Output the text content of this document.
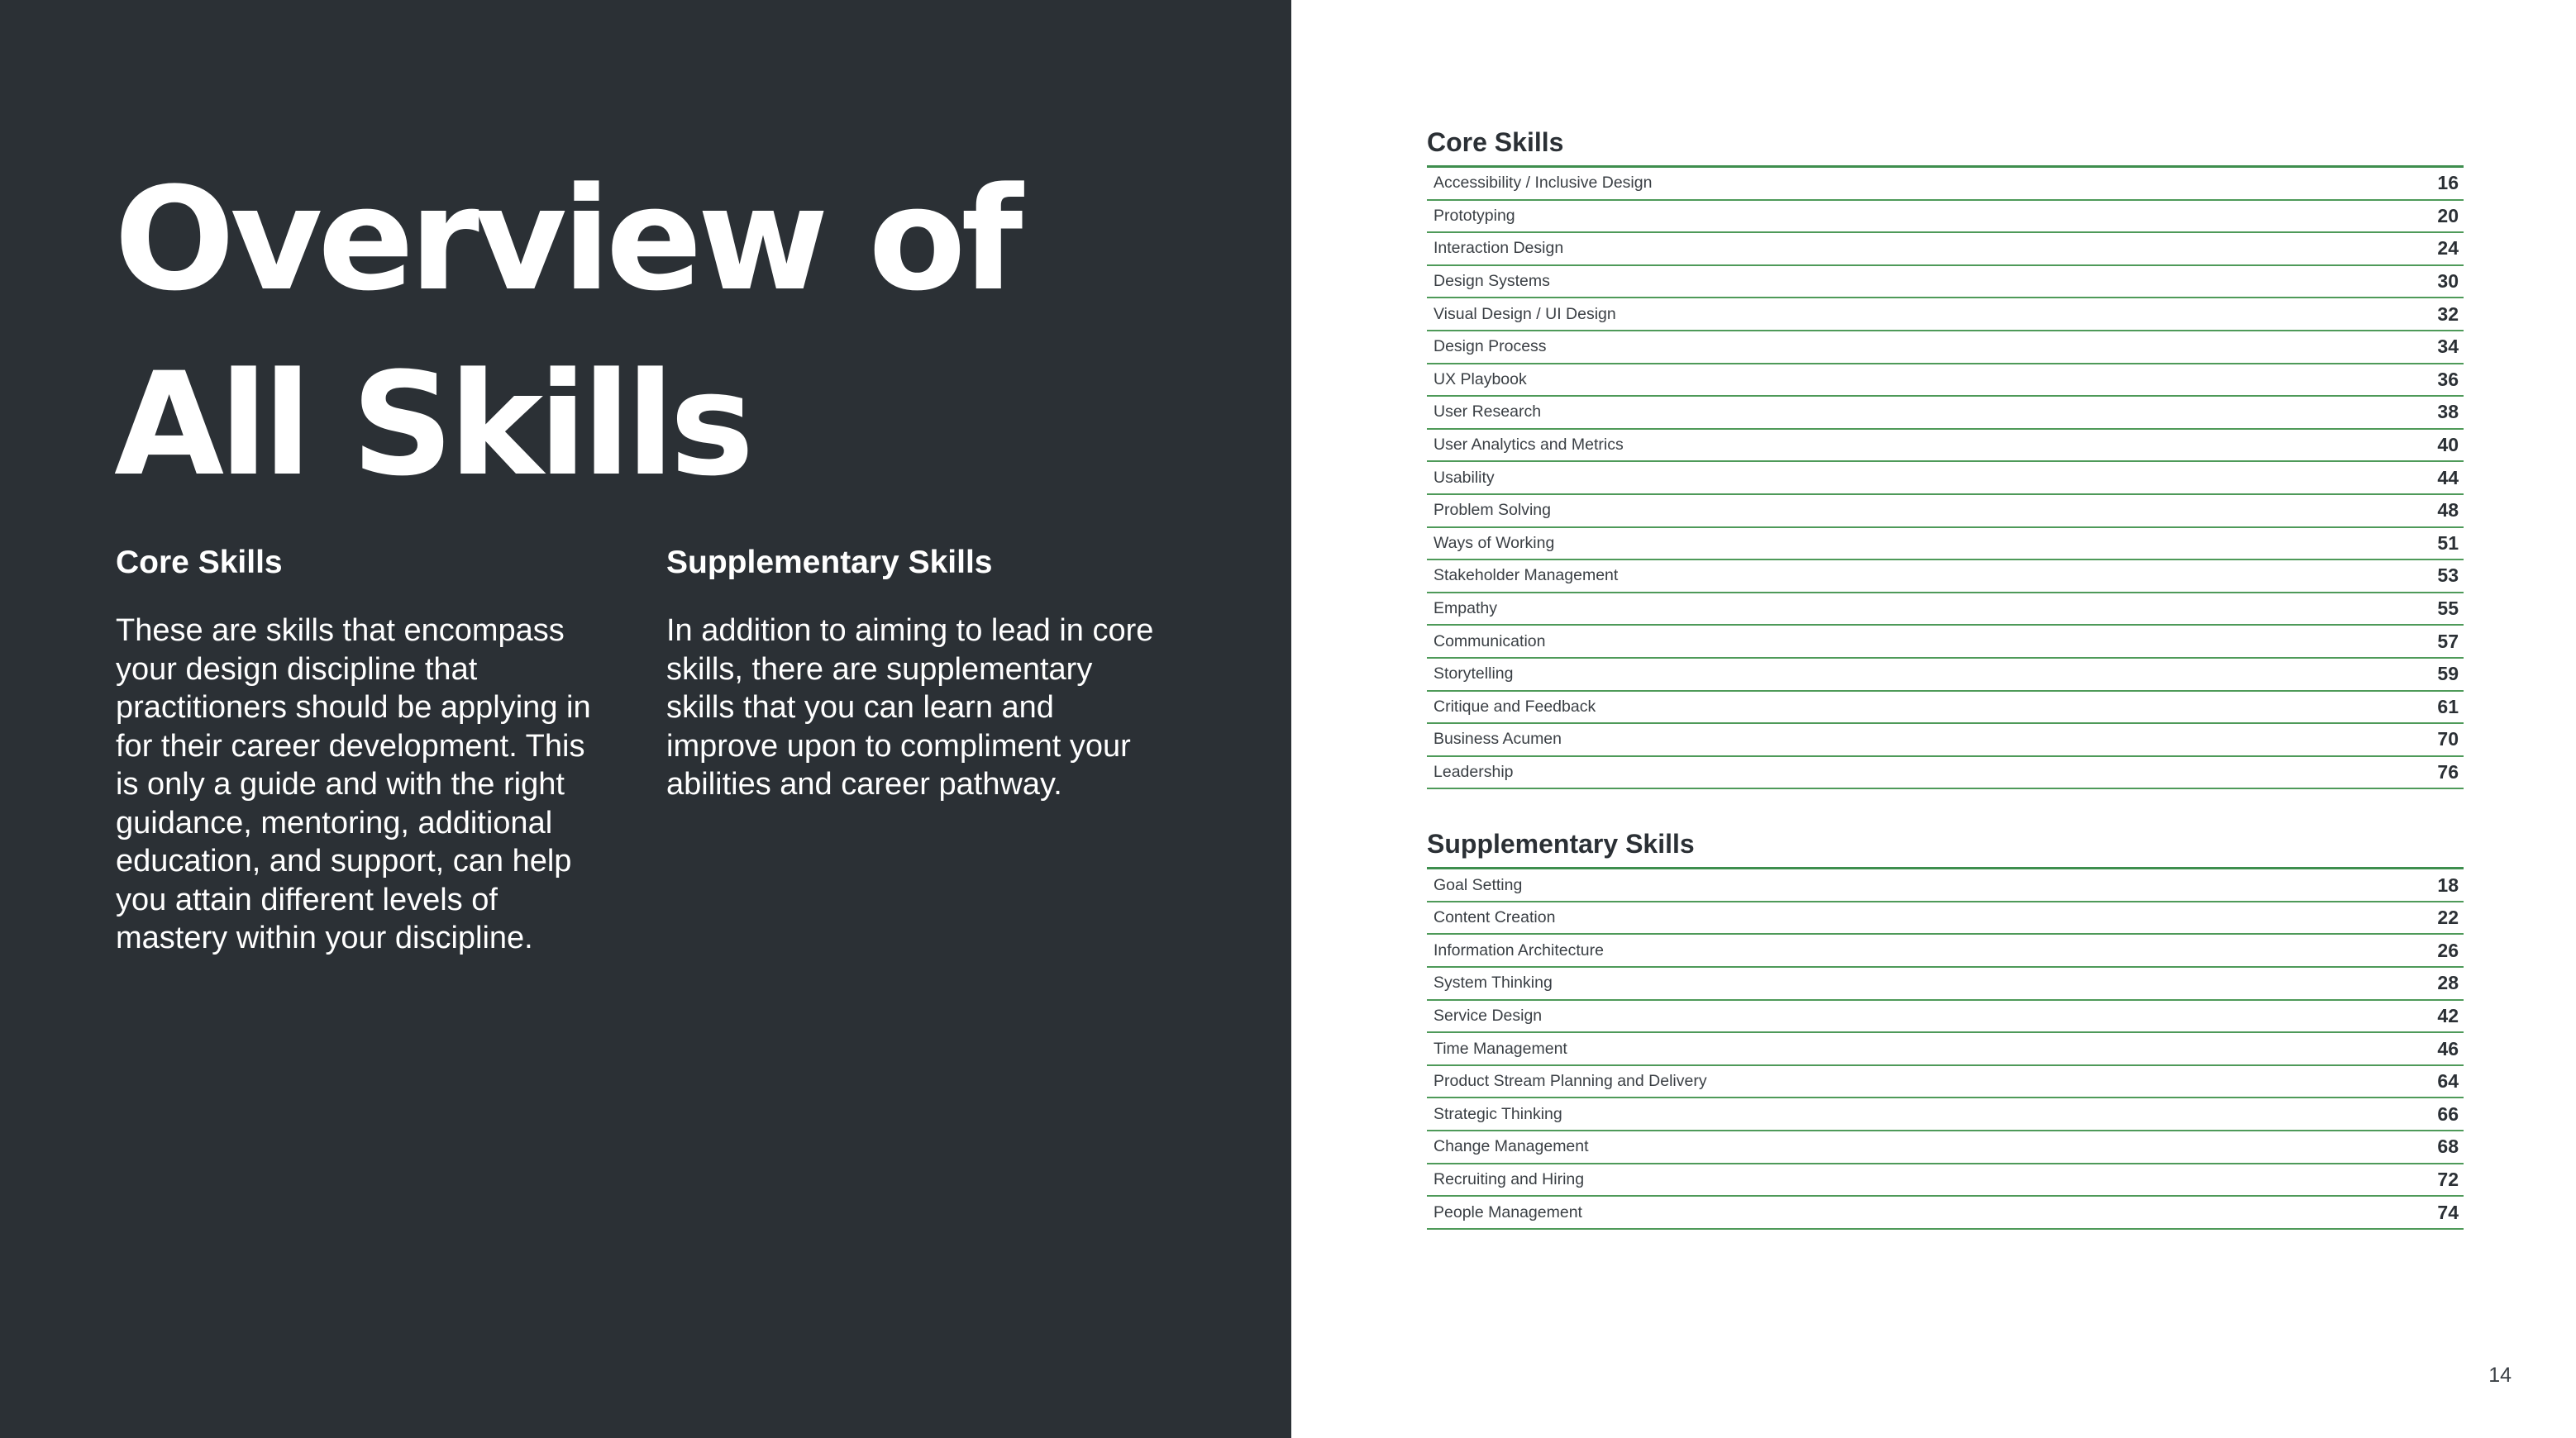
Overview of
All Skills
Core Skills

These are skills that encompass your design discipline that practitioners should be applying in for their career development. This is only a guide and with the right guidance, mentoring, additional education, and support, can help you attain different levels of mastery within your discipline.

Supplementary Skills

In addition to aiming to lead in core skills, there are supplementary skills that you can learn and improve upon to compliment your abilities and career pathway.

Core Skills
Accessibility / Inclusive Design	16
Prototyping	20
Interaction Design	24
Design Systems	30
Visual Design / UI Design	32
Design Process	34
UX Playbook	36
User Research	38
User Analytics and Metrics	40
Usability	44
Problem Solving	48
Ways of Working	51
Stakeholder Management	53
Empathy	55
Communication	57
Storytelling	59
Critique and Feedback	61
Business Acumen	70
Leadership	76
Supplementary Skills
Goal Setting	18
Content Creation	22
Information Architecture	26
System Thinking	28
Service Design	42
Time Management	46
Product Stream Planning and Delivery	64
Strategic Thinking	66
Change Management	68
Recruiting and Hiring	72
People Management	74
14
